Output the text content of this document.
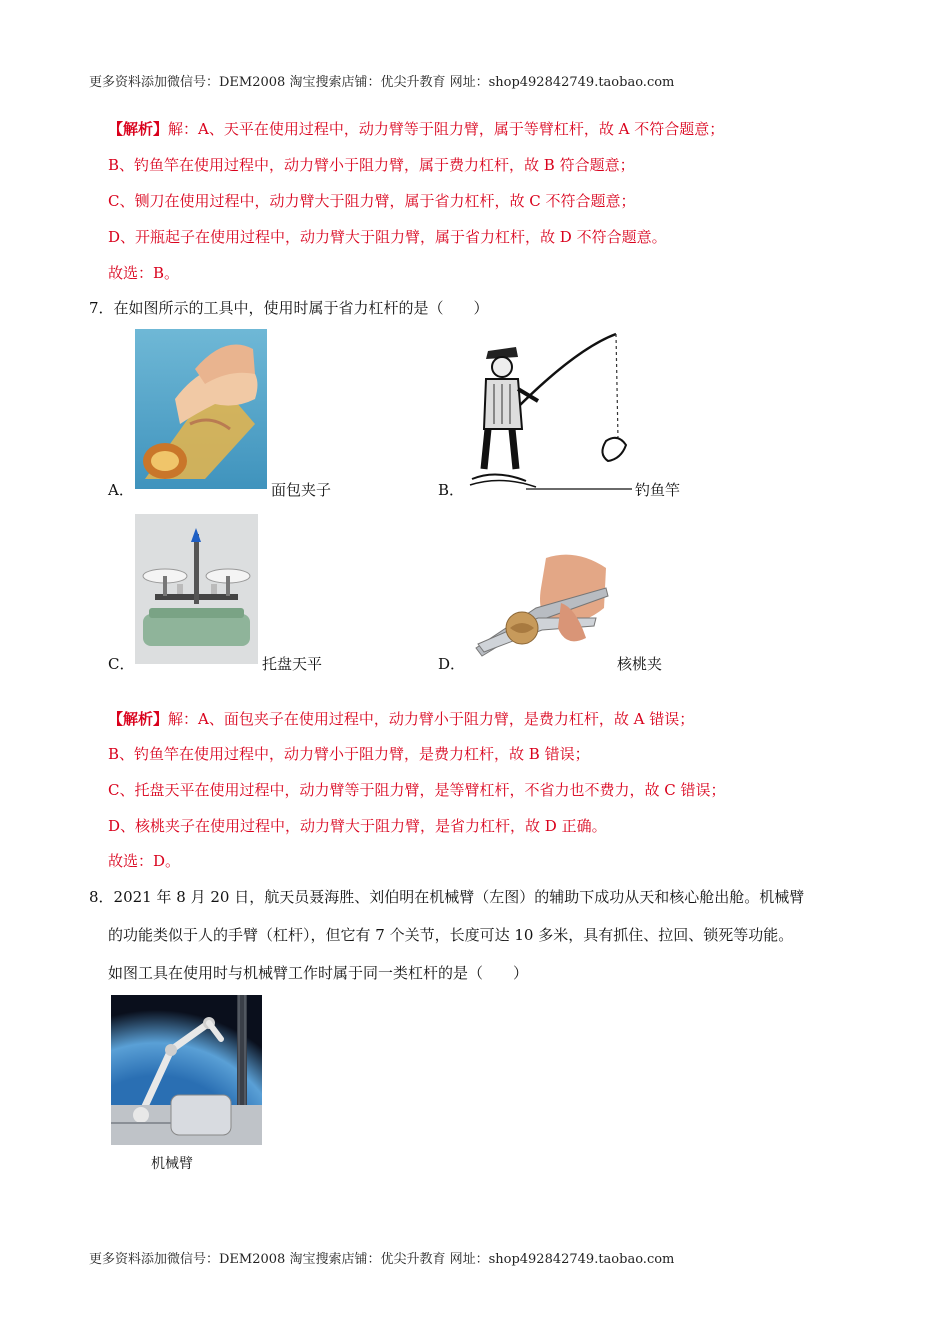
更多资料添加微信号：DEM2008 淘宝搜索店铺：优尖升教育 网址：shop492842749.taobao.com
【解析】解：A、天平在使用过程中，动力臂等于阻力臂，属于等臂杠杆，故 A 不符合题意；
B、钓鱼竿在使用过程中，动力臂小于阻力臂，属于费力杠杆，故 B 符合题意；
C、铡刀在使用过程中，动力臂大于阻力臂，属于省力杠杆，故 C 不符合题意；
D、开瓶起子在使用过程中，动力臂大于阻力臂，属于省力杠杆，故 D 不符合题意。
故选：B。
7．在如图所示的工具中，使用时属于省力杠杆的是（　　）
A．	面包夹子	B．	钓鱼竿
C．	托盘天平	D．	核桃夹
【解析】解：A、面包夹子在使用过程中，动力臂小于阻力臂，是费力杠杆，故 A 错误；
B、钓鱼竿在使用过程中，动力臂小于阻力臂，是费力杠杆，故 B 错误；
C、托盘天平在使用过程中，动力臂等于阻力臂，是等臂杠杆，不省力也不费力，故 C 错误；
D、核桃夹子在使用过程中，动力臂大于阻力臂，是省力杠杆，故 D 正确。
故选：D。
8．2021 年 8 月 20 日，航天员聂海胜、刘伯明在机械臂（左图）的辅助下成功从天和核心舱出舱。机械臂
的功能类似于人的手臂（杠杆），但它有 7 个关节，长度可达 10 多米，具有抓住、拉回、锁死等功能。
如图工具在使用时与机械臂工作时属于同一类杠杆的是（　　）
机械臂
更多资料添加微信号：DEM2008 淘宝搜索店铺：优尖升教育 网址：shop492842749.taobao.com
